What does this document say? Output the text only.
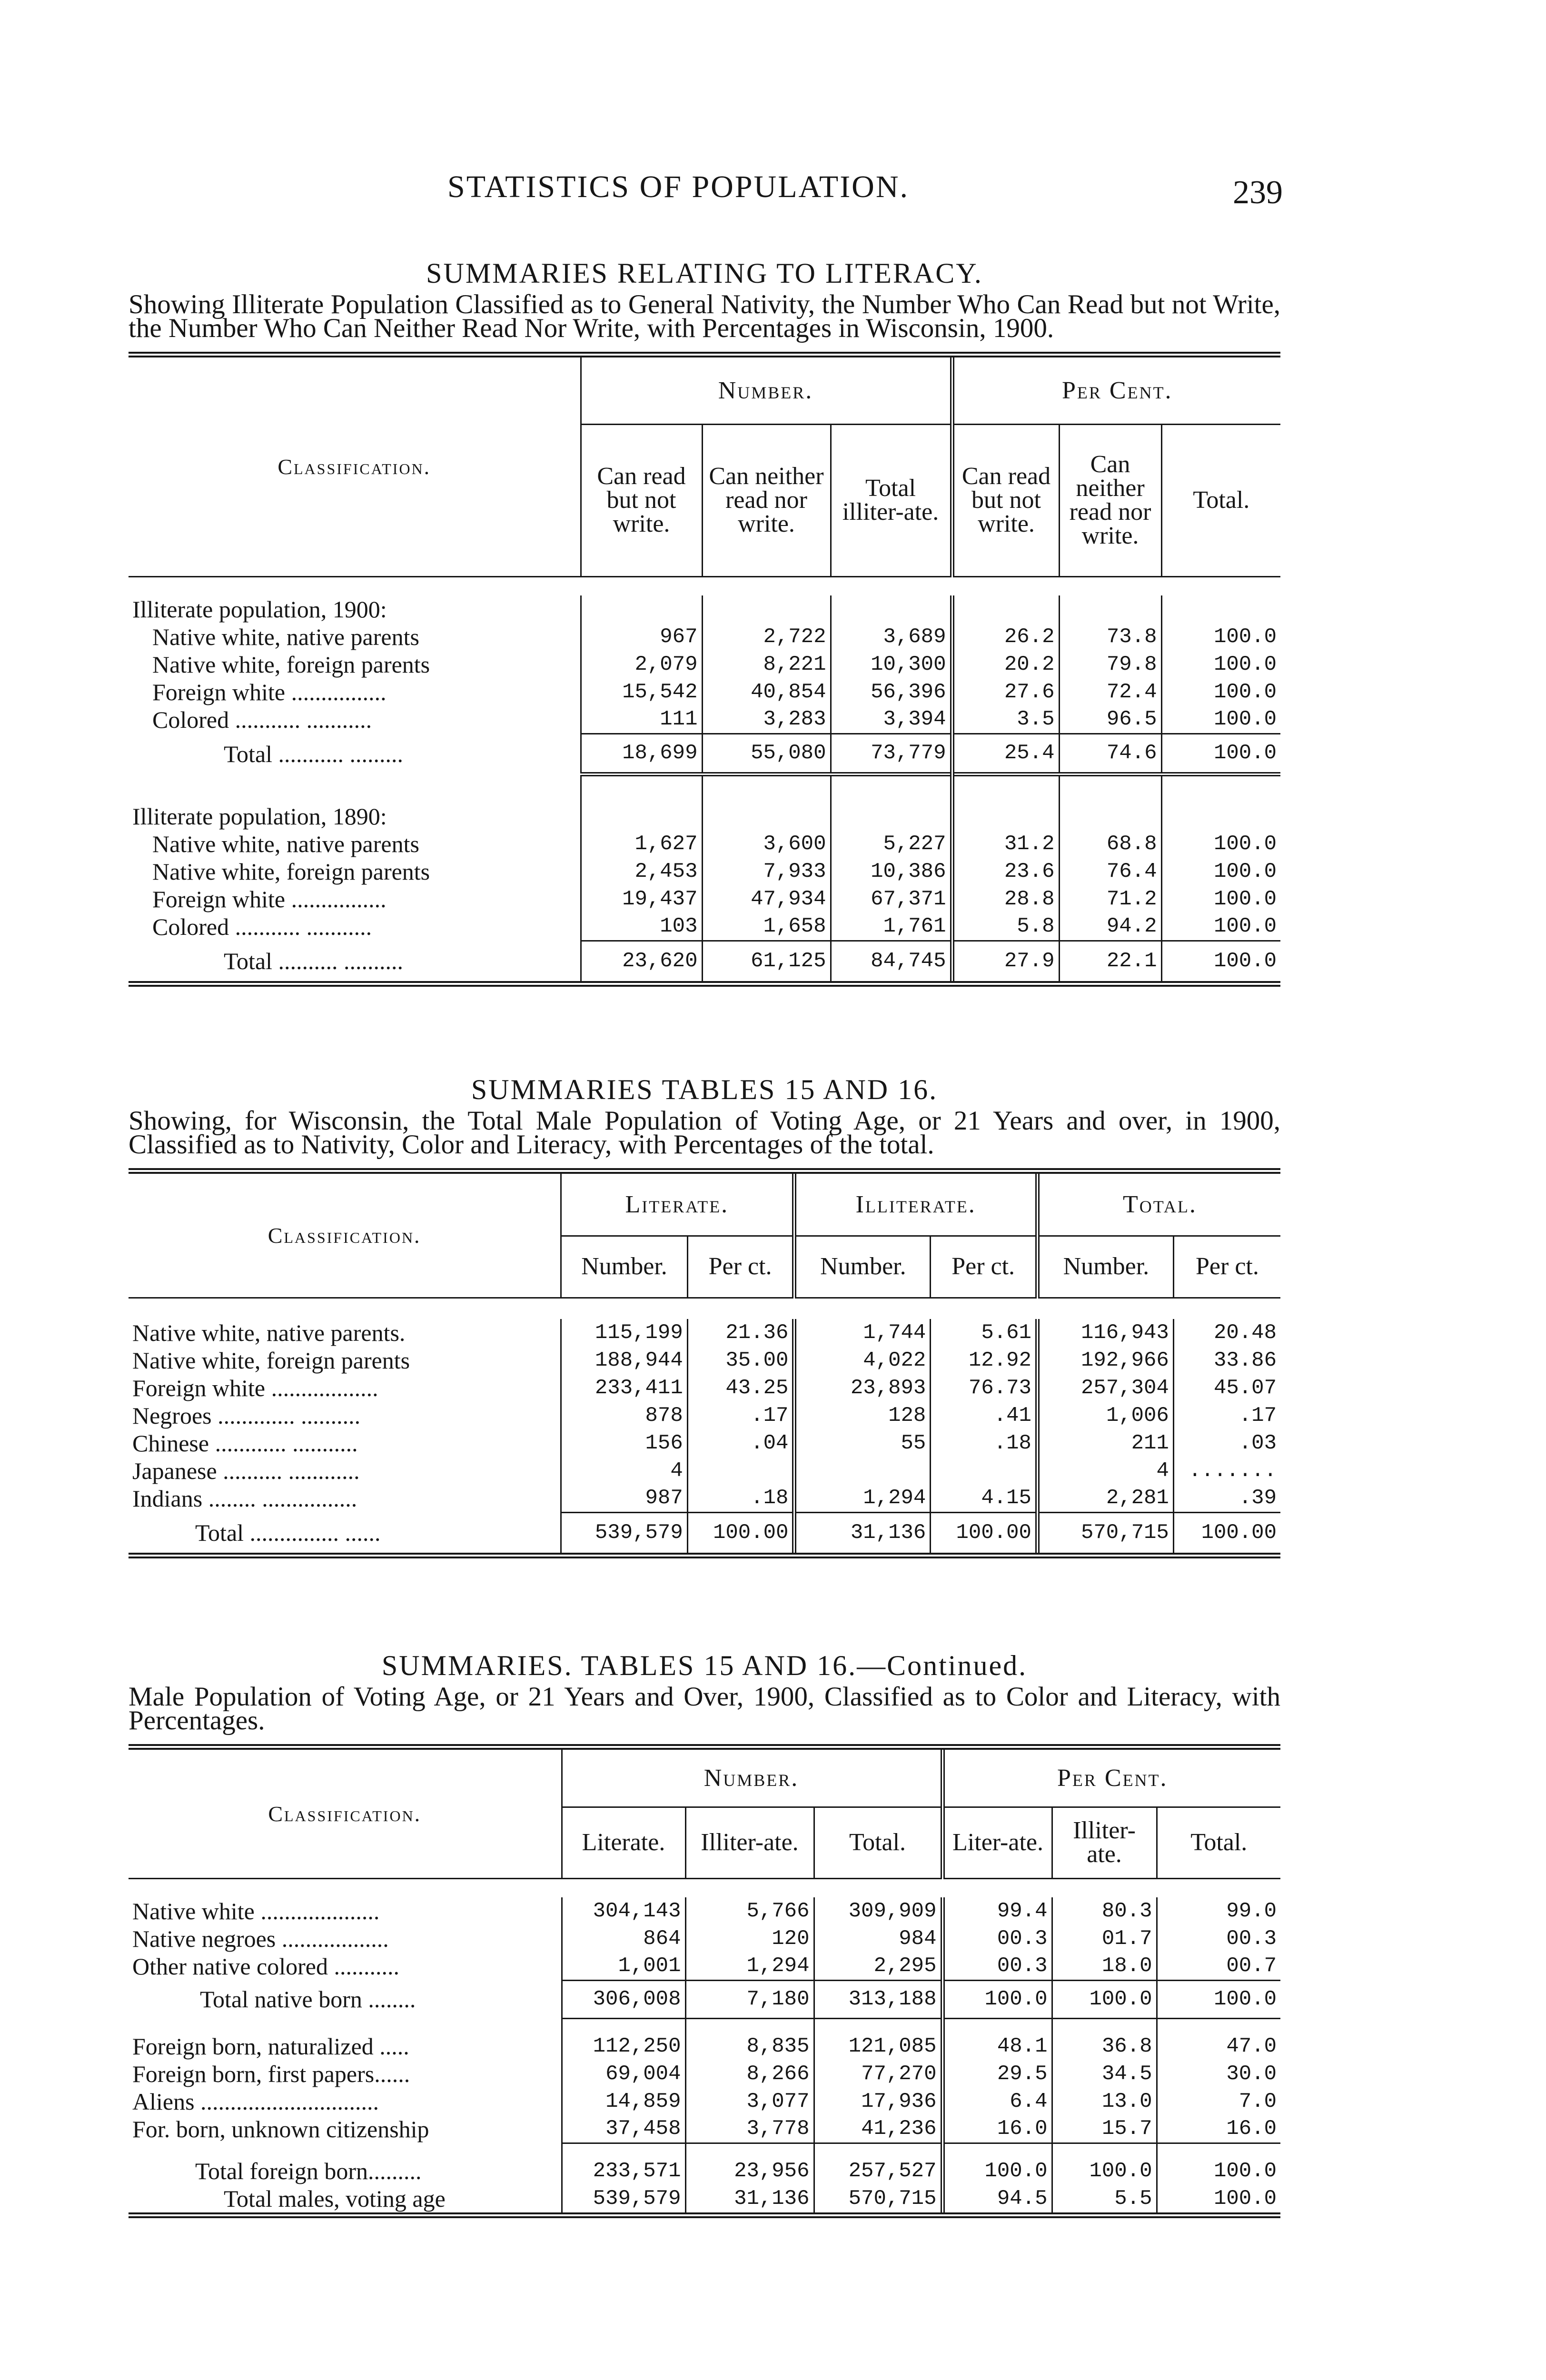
STATISTICS OF POPULATION.	239

SUMMARIES RELATING TO LITERACY.

Showing Illiterate Population Classified as to General Nativity, the Number Who Can Read but not Write, the Number Who Can Neither Read Nor Write, with Percentages in Wisconsin, 1900.

Classification.	Number.			Per Cent.		
	Can read but not write.	Can neither read nor write.	Total illiter-ate.	Can read but not write.	Can neither read nor write.	Total.

Illiterate population, 1900:						
Native white, native parents	967	2,722	3,689	26.2	73.8	100.0
Native white, foreign parents	2,079	8,221	10,300	20.2	79.8	100.0
Foreign white ................	15,542	40,854	56,396	27.6	72.4	100.0
Colored ........... ...........	111	3,283	3,394	3.5	96.5	100.0
Total ........... .........	18,699	55,080	73,779	25.4	74.6	100.0

Illiterate population, 1890:						
Native white, native parents	1,627	3,600	5,227	31.2	68.8	100.0
Native white, foreign parents	2,453	7,933	10,386	23.6	76.4	100.0
Foreign white ................	19,437	47,934	67,371	28.8	71.2	100.0
Colored ........... ...........	103	1,658	1,761	5.8	94.2	100.0
Total .......... ..........	23,620	61,125	84,745	27.9	22.1	100.0

SUMMARIES TABLES 15 AND 16.

Showing, for Wisconsin, the Total Male Population of Voting Age, or 21 Years and over, in 1900, Classified as to Nativity, Color and Literacy, with Percentages of the total.

Classification.	Literate.		Illiterate.		Total.	
	Number.	Per ct.	Number.	Per ct.	Number.	Per ct.

Native white, native parents.	115,199	21.36	1,744	5.61	116,943	20.48
Native white, foreign parents	188,944	35.00	4,022	12.92	192,966	33.86
Foreign white ..................	233,411	43.25	23,893	76.73	257,304	45.07
Negroes ............. ..........	878	.17	128	.41	1,006	.17
Chinese ............ ...........	156	.04	55	.18	211	.03
Japanese .......... ............	4				4	.......
Indians ........ ................	987	.18	1,294	4.15	2,281	.39
Total ............... ......	539,579	100.00	31,136	100.00	570,715	100.00

SUMMARIES. TABLES 15 AND 16.—Continued.

Male Population of Voting Age, or 21 Years and Over, 1900, Classified as to Color and Literacy, with Percentages.

Classification.	Number.			Per Cent.		
	Literate.	Illiter-ate.	Total.	Liter-ate.	Illiter-ate.	Total.

Native white ....................	304,143	5,766	309,909	99.4	80.3	99.0
Native negroes ..................	864	120	984	00.3	01.7	00.3
Other native colored ...........	1,001	1,294	2,295	00.3	18.0	00.7
Total native born ........	306,008	7,180	313,188	100.0	100.0	100.0

Foreign born, naturalized .....	112,250	8,835	121,085	48.1	36.8	47.0
Foreign born, first papers......	69,004	8,266	77,270	29.5	34.5	30.0
Aliens ..............................	14,859	3,077	17,936	6.4	13.0	7.0
For. born, unknown citizenship	37,458	3,778	41,236	16.0	15.7	16.0

Total foreign born.........	233,571	23,956	257,527	100.0	100.0	100.0
Total males, voting age	539,579	31,136	570,715	94.5	5.5	100.0
